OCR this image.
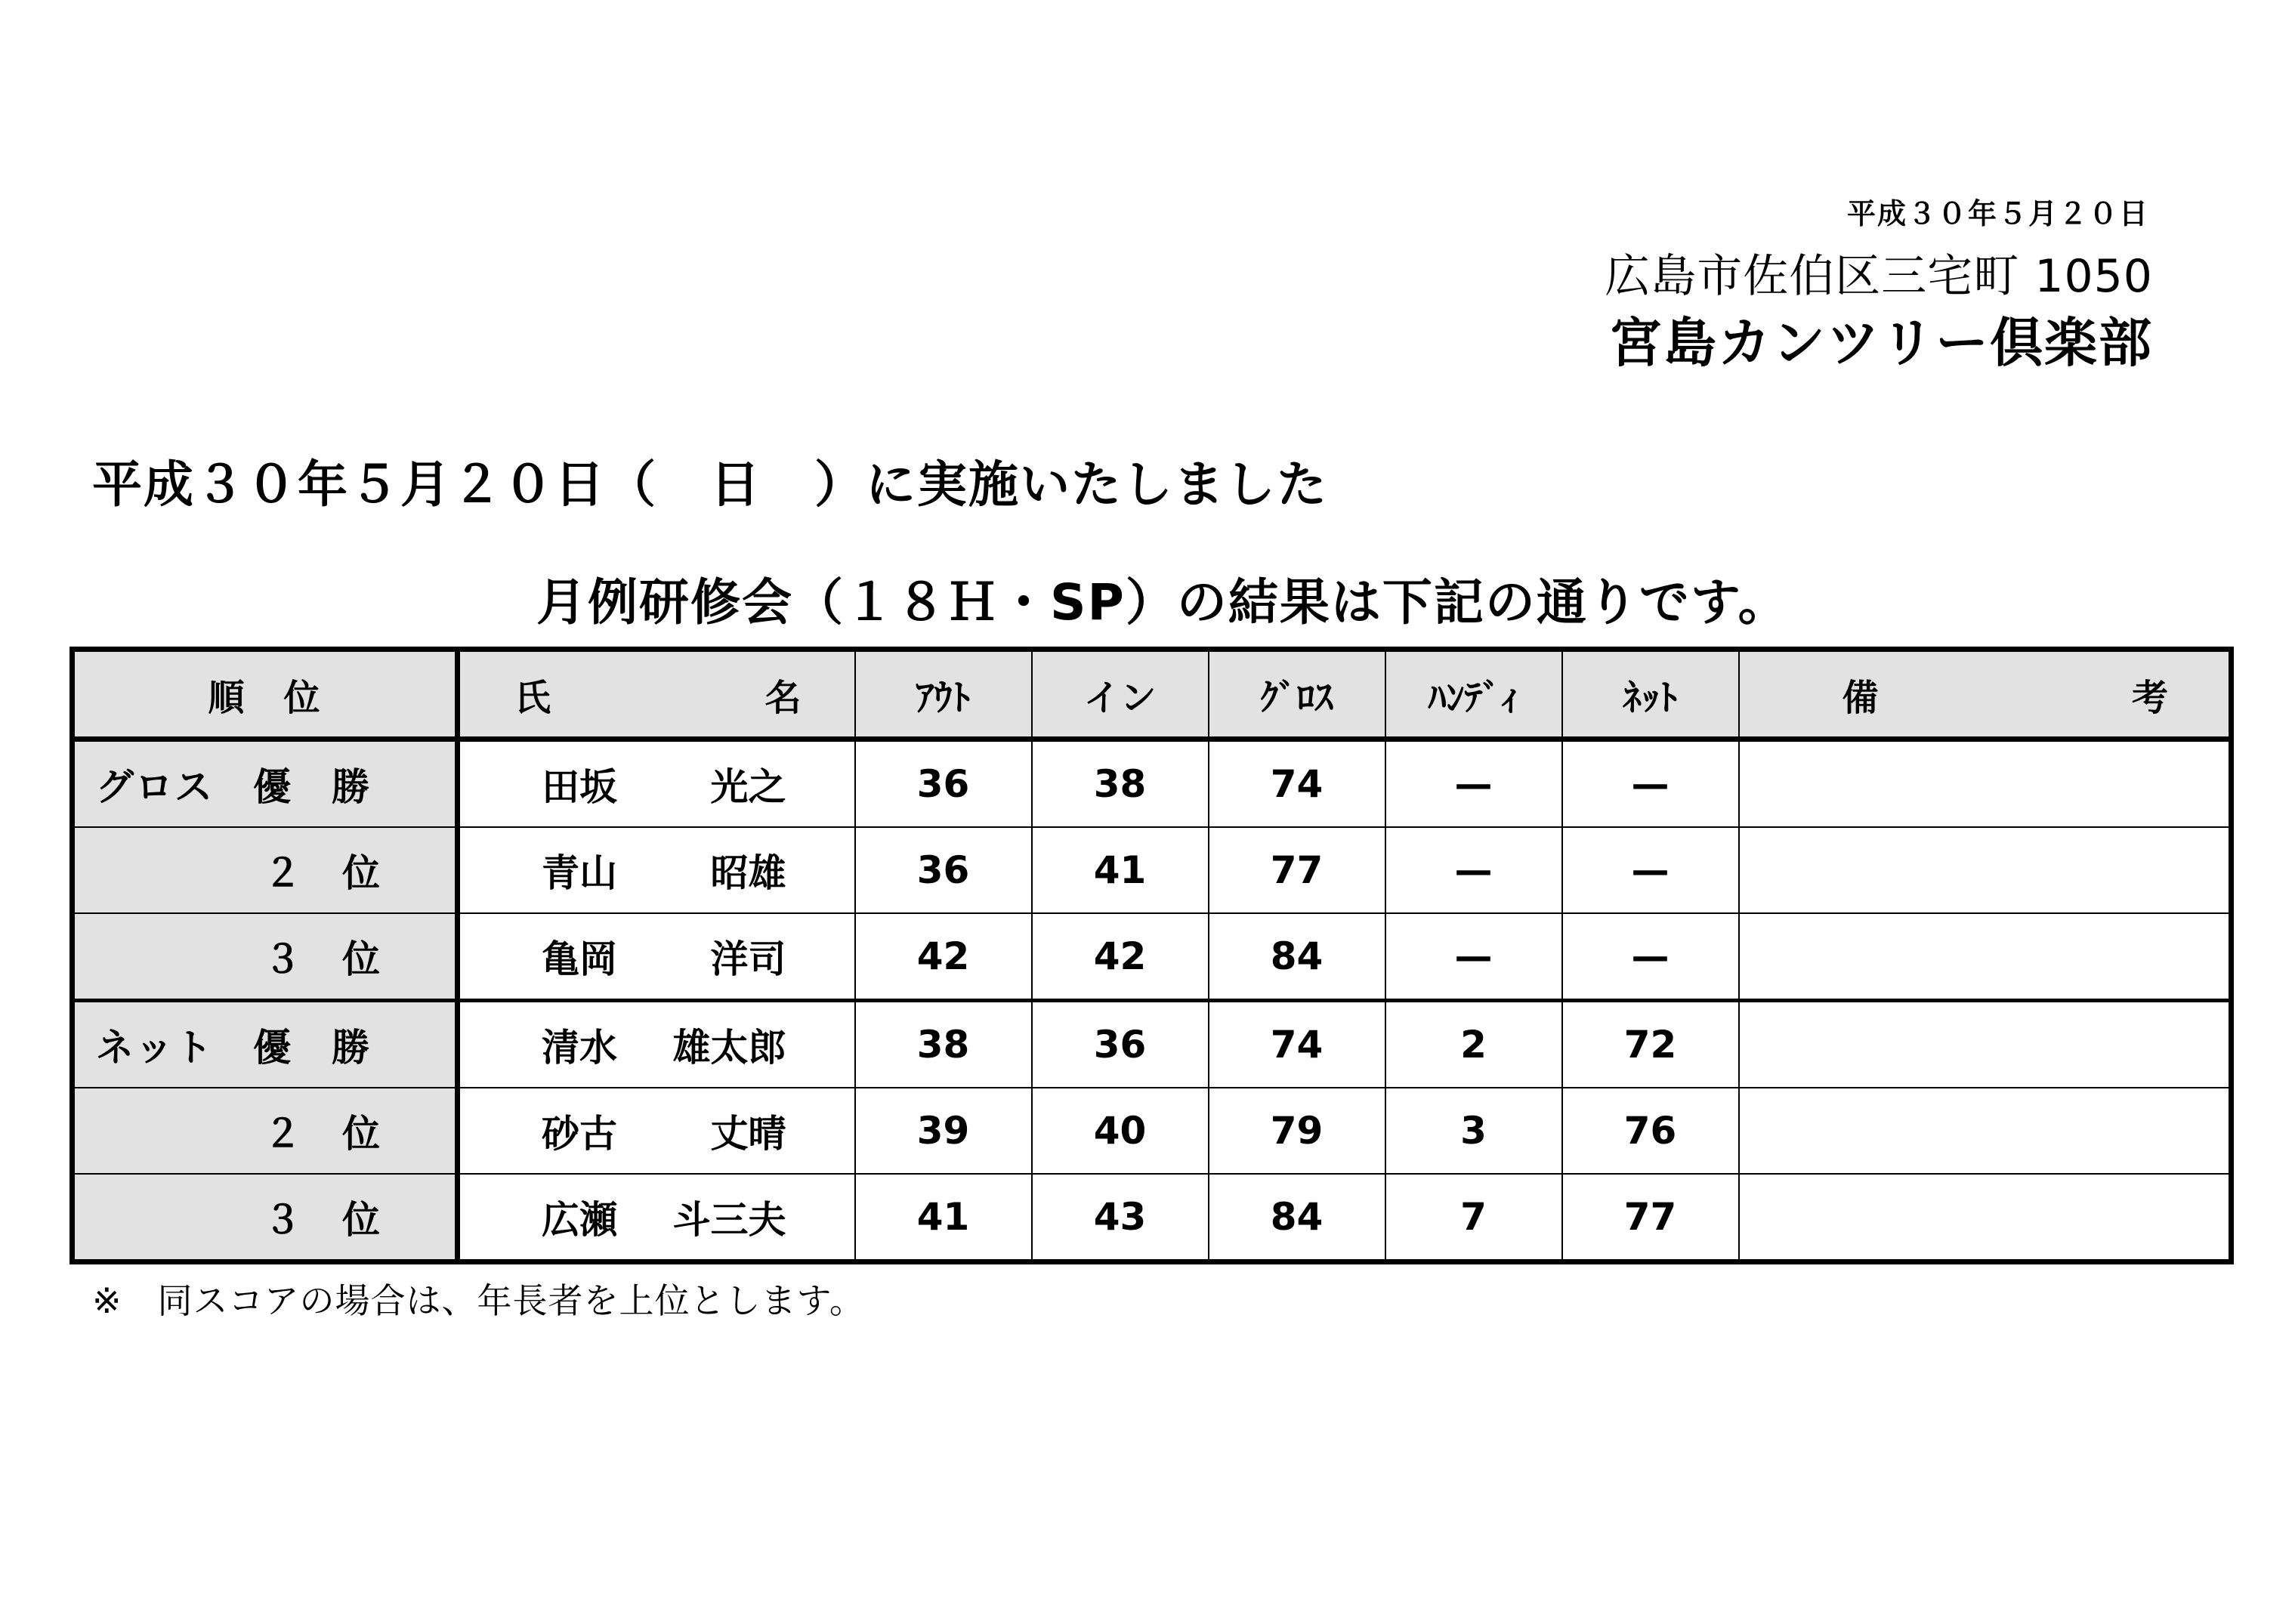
平成３０年５月２０日
広島市佐伯区三宅町 1050
宮島カンツリー倶楽部
平成３０年５月２０日（ 日 ）に実施いたしました
月例研修会（１８Ｈ・SP）の結果は下記の通りです。
順　位	氏 名	ｱｳﾄ	イン	ｸﾞﾛｽ	ﾊﾝﾃﾞｨ	ﾈｯﾄ	備 考

グロス　優　勝	田坂 光之	36	38	74	—	—	
２　位	青山 昭雄	36	41	77	—	—	
３　位	亀岡 洋司	42	42	84	—	—	
ネット　優　勝	清水 雄太郎	38	36	74	2	72	
２　位	砂古 丈晴	39	40	79	3	76	
３　位	広瀬 斗三夫	41	43	84	7	77	
※　同スコアの場合は、年長者を上位とします。
